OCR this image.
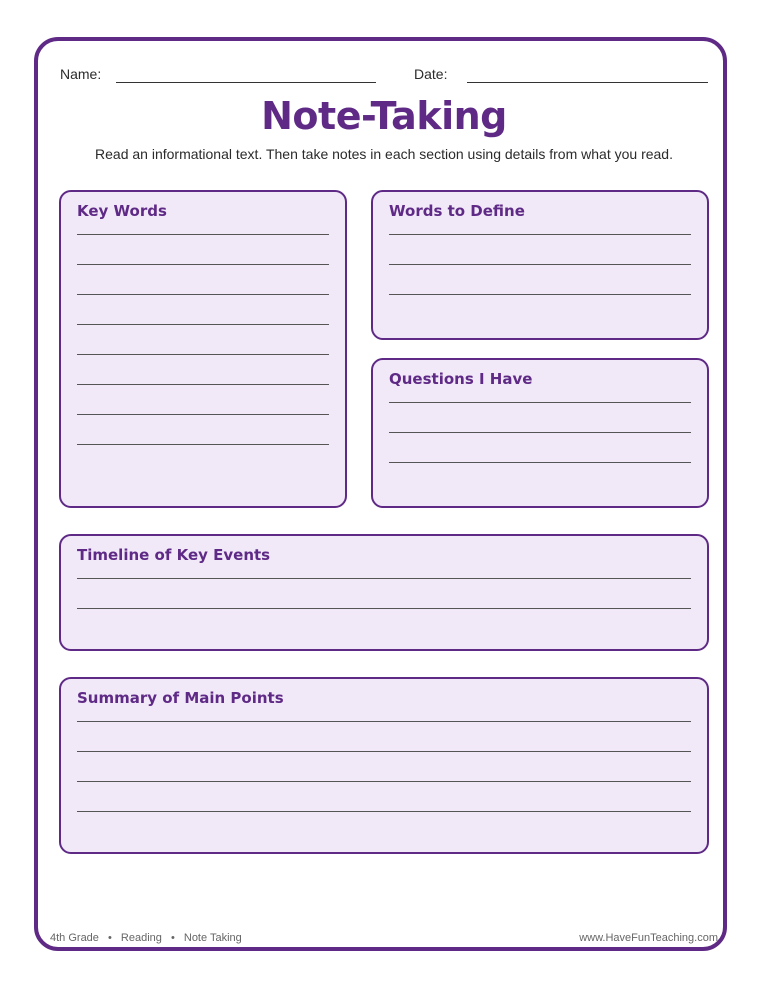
Name:	Date:
Note-Taking
Read an informational text. Then take notes in each section using details from what you read.
Key Words	Words to Define
Questions I Have
Timeline of Key Events
Summary of Main Points
4th Grade • Reading • Note Taking	www.HaveFunTeaching.com
